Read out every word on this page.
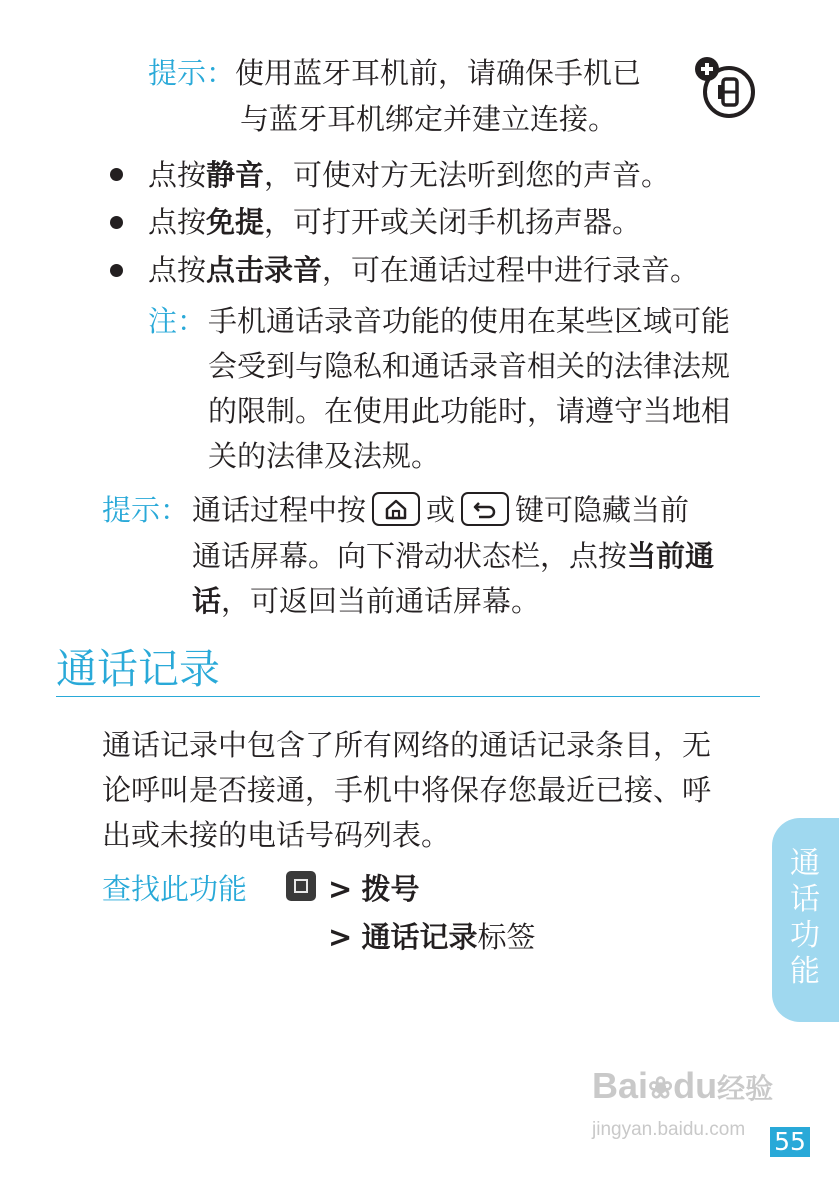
提示：使用蓝牙耳机前，请确保手机已
与蓝牙耳机绑定并建立连接。
点按静音，可使对方无法听到您的声音。
点按免提，可打开或关闭手机扬声器。
点按点击录音，可在通话过程中进行录音。
注： 手机通话录音功能的使用在某些区域可能
会受到与隐私和通话录音相关的法律法规
的限制。在使用此功能时，请遵守当地相
关的法律及法规。
提示： 通话过程中按 或 键可隐藏当前
通话屏幕。向下滑动状态栏，点按当前通
话，可返回当前通话屏幕。
通话记录
通话记录中包含了所有网络的通话记录条目，无
论呼叫是否接通，手机中将保存您最近已接、呼
出或未接的电话号码列表。
查找此功能	> 拨号
> 通话记录标签
通
话
功
能
Bai❀du经验
jingyan.baidu.com	55
